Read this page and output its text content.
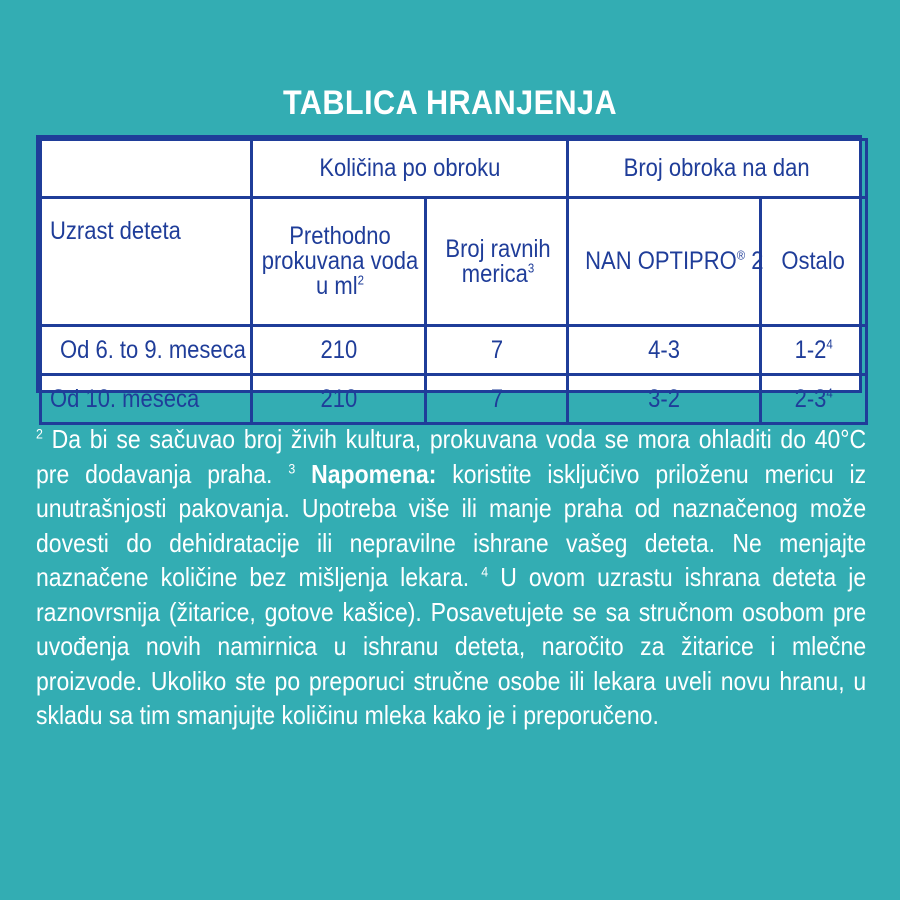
TABLICA HRANJENJA
	Količina po obroku		Broj obroka na dan	
Uzrast deteta	Prethodno prokuvana voda u $ml^2$	Broj ravnih merica$^3$	NAN OPTIPRO® 2	Ostalo
Od 6. to 9. meseca	210	7	4-3	$1-2^4$
Od 10. meseca	210	7	3-2	$2-3^4$
$^2$ Da bi se sačuvao broj živih kultura, prokuvana voda se mora ohladiti do 40°C pre dodavanja praha. $^3$ Napomena: koristite isključivo priloženu mericu iz unutrašnjosti pakovanja. Upotreba više ili manje praha od naznačenog može dovesti do dehidratacije ili nepravilne ishrane vašeg deteta. Ne menjajte naznačene količine bez mišljenja lekara. $^4$ U ovom uzrastu ishrana deteta je raznovrsnija (žitarice, gotove kašice). Posavetujete se sa stručnom osobom pre uvođenja novih namirnica u ishranu deteta, naročito za žitarice i mlečne proizvode. Ukoliko ste po preporuci stručne osobe ili lekara uveli novu hranu, u skladu sa tim smanjujte količinu mleka kako je i preporučeno.
